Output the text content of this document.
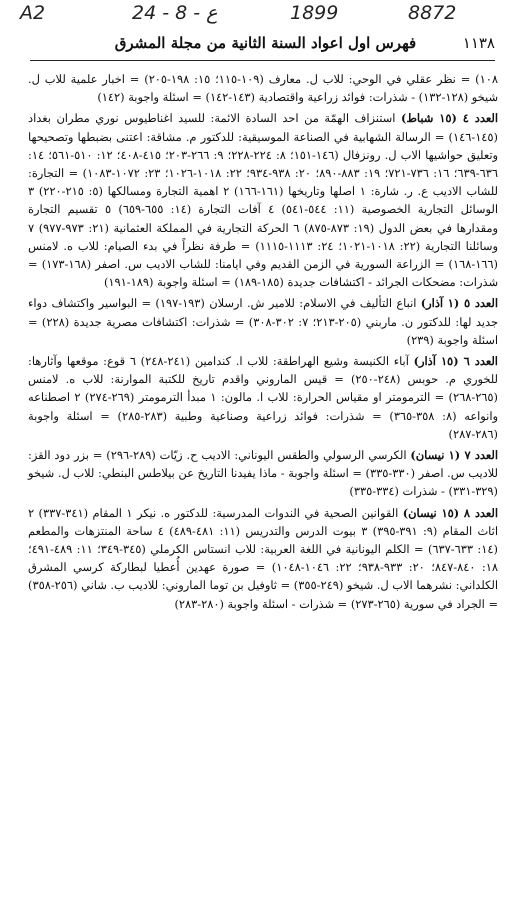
A2	24 - 8 - ع	1899	8872
١١٣٨
فهرس اول اعواد السنة الثانية من مجلة المشرق

١٠٨) = نظر عقلي في الوحي: للاب ل. معارف (١٠٩-١١٥؛ ١٥: ١٩٨-٢٠٥) = اخبار علمية للاب ل. شيخو (١٢٨-١٣٢) - شذرات: فوائد زراعية واقتصادية (١٤٣-١٤٢) = اسئلة واجوبة (١٤٢)

العدد ٤ (١٥ شباط) استنزاف الهمّة من احد السادة الائمة: للسيد اغناطيوس نوري مطران بغداد (١٤٥-١٤٦) = الرسالة الشهابية في الصناعة الموسيقية: للدكتور م. مشاقة: اعتنى بضبطها وتصحيحها وتعليق حواشيها الاب ل. رونزفال (١٤٦-١٥١؛ ٨: ٢٢٤-٢٢٨؛ ٩: ٢٦٦-٢٠٣؛ ٤١٥-٤٠٨؛ ١٢: ٥١٠-٥٦١؛ ١٤: ٦٣٦-٦٣٩؛ ١٦: ٧٣٦-٧٢١؛ ١٩: ٨٨٣-٨٩٠؛ ٢٠: ٩٣٨-٩٣٤؛ ٢٢: ١٠١٨-١٠٢٦؛ ٢٣: ١٠٧٢-١٠٨٣) = التجارة: للشاب الاديب ع. ر. شارة: ١ اصلها وتاريخها (١٦١-١٦٦) ٢ اهمية التجارة ومسالكها (٥: ٢١٥-٢٢٠) ٣ الوسائل التجارية الخصوصية (١١: ٥٤٤-٥٤١) ٤ آفات التجارة (١٤: ٦٥٥-٦٥٩) ٥ تقسيم التجارة ومقدارها في بعض الدول (١٩: ٨٧٣-٨٧٥) ٦ الحركة التجارية في المملكة العثمانية (٢١: ٩٧٣-٩٧٧) ٧ وسائلنا التجارية (٢٢: ١٠١٨-١٠٢١؛ ٢٤: ١١١٣-١١١٥) = طرفة نظراً في بدء الصيام: للاب ه. لامنس (١٦٦-١٦٨) = الزراعة السورية في الزمن القديم وفي ايامنا: للشاب الاديب س. اصفر (١٦٨-١٧٣) = شذرات: مضحكات الجرائد - اكتشافات جديدة (١٨٥-١٨٩) = اسئلة واجوبة (١٨٩-١٩١)

العدد ٥ (١ آذار) انباع التأليف في الاسلام: للامير ش. ارسلان (١٩٣-١٩٧) = البواسير واكتشاف دواء جديد لها: للدكتور ن. ماربني (٢٠٥-٢١٣؛ ٧: ٣٠٢-٣٠٨) = شذرات: اكتشافات مصرية جديدة (٢٢٨) = اسئلة واجوبة (٢٣٩)

العدد ٦ (١٥ آذار) آباء الكنيسة وشيع الهراطقة: للاب ا. كندامين (٢٤١-٢٤٨) ٦ قوع: موقعها وآثارها: للخوري م. حوبس (٢٤٨-٢٥٠) = قيس الماروني واقدم تاريخ للكتبة الموارنة: للاب ه. لامنس (٢٦٥-٢٦٨) = الترمومتر او مقياس الحرارة: للاب ا. مالون: ١ مبدأ الترمومتر (٢٦٩-٢٧٤) ٢ اصطناعه وانواعه (٨: ٣٥٨-٣٦٥) = شذرات: فوائد زراعية وصناعية وطبية (٢٨٣-٢٨٥) = اسئلة واجوبة (٢٨٦-٢٨٧)

العدد ٧ (١ نيسان) الكرسي الرسولي والطقس اليوناني: الاديب ح. زيّات (٢٨٩-٢٩٦) = بزر دود القز: للاديب س. اصفر (٣٣٠-٣٣٥) = اسئلة واجوبة - ماذا يفيدنا التاريخ عن بيلاطس البنطي: للاب ل. شيخو (٣٢٩-٣٣١) - شذرات (٣٣٤-٣٣٥)

العدد ٨ (١٥ نيسان) القوانين الصحية في الندوات المدرسية: للدكتور ه. نيكر ١ المقام (٣٤١-٣٣٧) ٢ اثاث المقام (٩: ٣٩١-٣٩٥) ٣ بيوت الدرس والتدريس (١١: ٤٨١-٤٨٩) ٤ ساحة المنتزهات والمطعم (١٤: ٦٣٣-٦٣٧) = الكلم اليونانية في اللغة العربية: للاب انستاس الكرملي (٣٤٥-٣٤٩؛ ١١: ٤٨٩-٤٩١؛ ١٨: ٨٤٠-٨٤٧؛ ٢٠: ٩٣٣-٩٣٨؛ ٢٢: ١٠٤٦-١٠٤٨) = صورة عهدين أُعطيا لبطاركة كرسي المشرق الكلداني: نشرهما الاب ل. شيخو (٢٤٩-٣٥٥) = ثاوفيل بن توما الماروني: للاديب ب. شاني (٢٥٦-٣٥٨) = الجراد في سورية (٢٦٥-٢٧٣) = شذرات - اسئلة واجوبة (٢٨٠-٢٨٣)
